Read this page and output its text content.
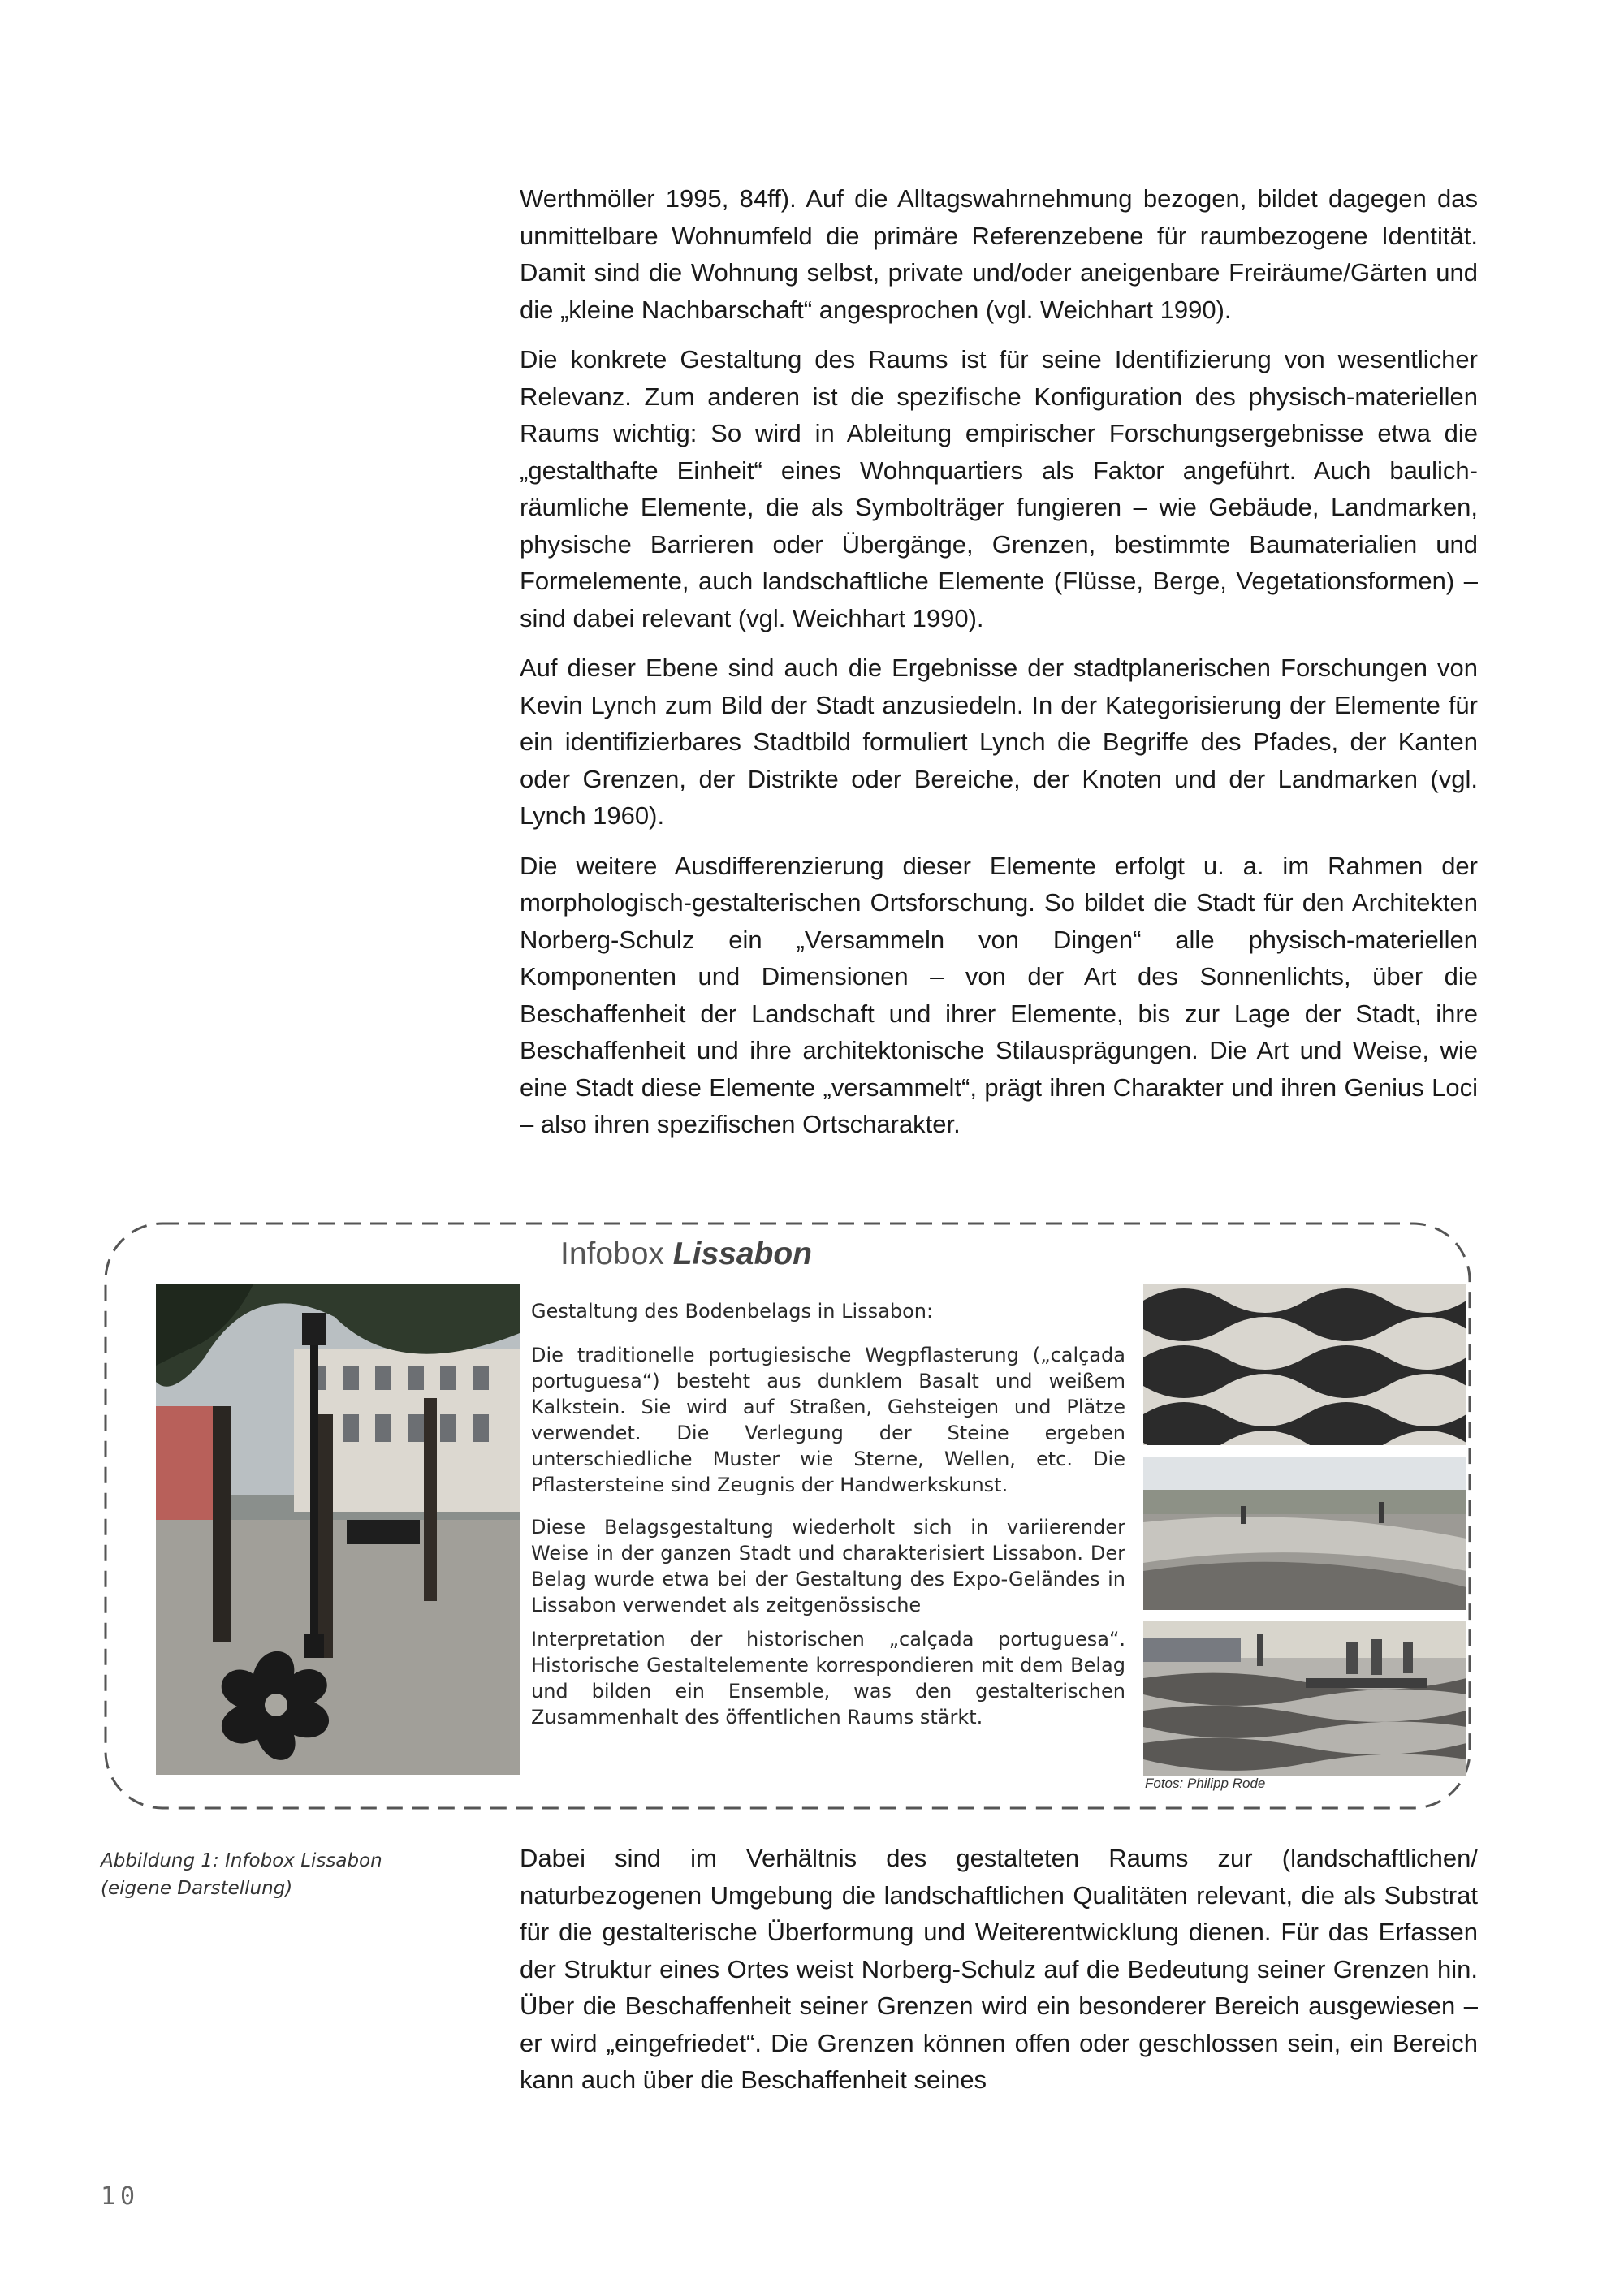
Werthmöller 1995, 84ff). Auf die Alltagswahrnehmung bezogen, bildet dagegen das unmittelbare Wohnumfeld die primäre Referenzebene für raumbezogene Identität. Damit sind die Wohnung selbst, private und/oder aneigenbare Freiräume/Gärten und die „kleine Nachbarschaft“ angesprochen (vgl. Weichhart 1990).

Die konkrete Gestaltung des Raums ist für seine Identifizierung von wesentlicher Relevanz. Zum anderen ist die spezifische Konfiguration des physisch-materiellen Raums wichtig: So wird in Ableitung empirischer Forschungsergebnisse etwa die „gestalthafte Einheit“ eines Wohnquartiers als Faktor angeführt. Auch baulich-räumliche Elemente, die als Symbolträger fungieren – wie Gebäude, Landmarken, physische Barrieren oder Übergänge, Grenzen, bestimmte Baumaterialien und Formelemente, auch landschaftliche Elemente (Flüsse, Berge, Vegetationsformen) – sind dabei relevant (vgl. Weichhart 1990).

Auf dieser Ebene sind auch die Ergebnisse der stadtplanerischen Forschungen von Kevin Lynch zum Bild der Stadt anzusiedeln. In der Kategorisierung der Elemente für ein identifizierbares Stadtbild formuliert Lynch die Begriffe des Pfades, der Kanten oder Grenzen, der Distrikte oder Bereiche, der Knoten und der Landmarken (vgl. Lynch 1960).

Die weitere Ausdifferenzierung dieser Elemente erfolgt u. a. im Rahmen der morphologisch-gestalterischen Ortsforschung. So bildet die Stadt für den Architekten Norberg-Schulz ein „Versammeln von Dingen“ alle physisch-materiellen Komponenten und Dimensionen – von der Art des Sonnenlichts, über die Beschaffenheit der Landschaft und ihrer Elemente, bis zur Lage der Stadt, ihre Beschaffenheit und ihre architektonische Stilausprägungen. Die Art und Weise, wie eine Stadt diese Elemente „versammelt“, prägt ihren Charakter und ihren Genius Loci – also ihren spezifischen Ortscharakter.

Infobox Lissabon

Gestaltung des Bodenbelags in Lissabon:

Die traditionelle portugiesische Wegpflasterung („calçada portuguesa“) besteht aus dunklem Basalt und weißem Kalkstein. Sie wird auf Straßen, Gehsteigen und Plätze verwendet. Die Verlegung der Steine ergeben unterschiedliche Muster wie Sterne, Wellen, etc. Die Pflastersteine sind Zeugnis der Handwerkskunst.

Diese Belagsgestaltung wiederholt sich in variierender Weise in der ganzen Stadt und charakterisiert Lissabon. Der Belag wurde etwa bei der Gestaltung des Expo-Geländes in Lissabon verwendet als zeitgenössische

Interpretation der historischen „calçada portuguesa“. Historische Gestaltelemente korrespondieren mit dem Belag und bilden ein Ensemble, was den gestalterischen Zusammenhalt des öffentlichen Raums stärkt.

Fotos: Philipp Rode

Abbildung 1: Infobox Lissabon (eigene Darstellung)

Dabei sind im Verhältnis des gestalteten Raums zur (landschaftlichen/ naturbezogenen Umgebung die landschaftlichen Qualitäten relevant, die als Substrat für die gestalterische Überformung und Weiterentwicklung dienen. Für das Erfassen der Struktur eines Ortes weist Norberg-Schulz auf die Bedeutung seiner Grenzen hin. Über die Beschaffenheit seiner Grenzen wird ein besonderer Bereich ausgewiesen – er wird „eingefriedet“. Die Grenzen können offen oder geschlossen sein, ein Bereich kann auch über die Beschaffenheit seines

10
